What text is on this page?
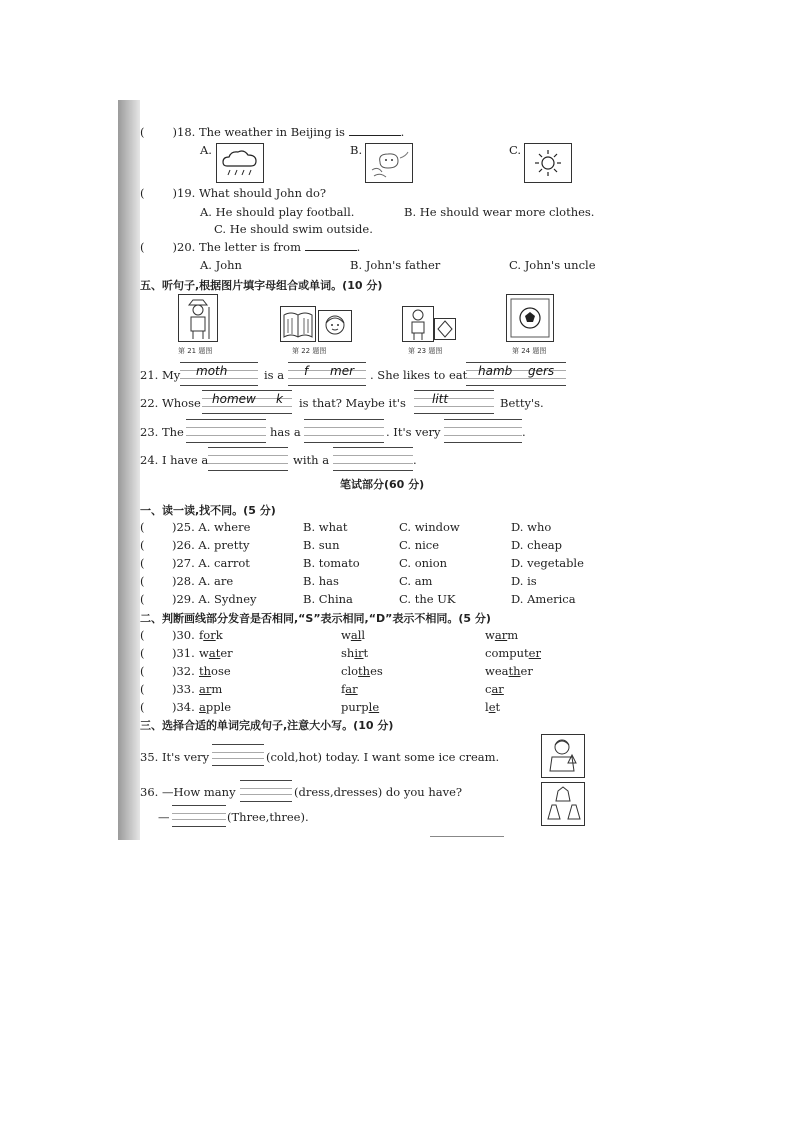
( )18. The weather in Beijing is	.
A.	B.	C.
( )19. What should John do?
A. He should play football.	B. He should wear more clothes.
C. He should swim outside.
( )20. The letter is from	.
A. John	B. John's father	C. John's uncle
五、听句子,根据图片填字母组合或单词。(10 分)
第 21 题图	第 22 题图	第 23 题图	第 24 题图
21. My moth	is a f mer . She likes to eat hamb gers
22. Whose homew k is that? Maybe it's litt	Betty's.
23. The	has a	. It's very	.
24. I have a	with a	.
笔试部分(60 分)
一、读一读,找不同。(5 分)
( )25. A. where	B. what	C. window	D. who
( )26. A. pretty	B. sun	C. nice	D. cheap
( )27. A. carrot	B. tomato	C. onion	D. vegetable
( )28. A. are	B. has	C. am	D. is
( )29. A. Sydney	B. China	C. the UK	D. America
二、判断画线部分发音是否相同,“S”表示相同,“D”表示不相同。(5 分)
( )30. fork	wall	warm
( )31. water	shirt	computer
( )32. those	clothes	weather
( )33. arm	far	car
( )34. apple	purple	let
三、选择合适的单词完成句子,注意大小写。(10 分)
35. It's very	(cold,hot) today. I want some ice cream.
36. —How many	(dress,dresses) do you have?
—	(Three,three).
